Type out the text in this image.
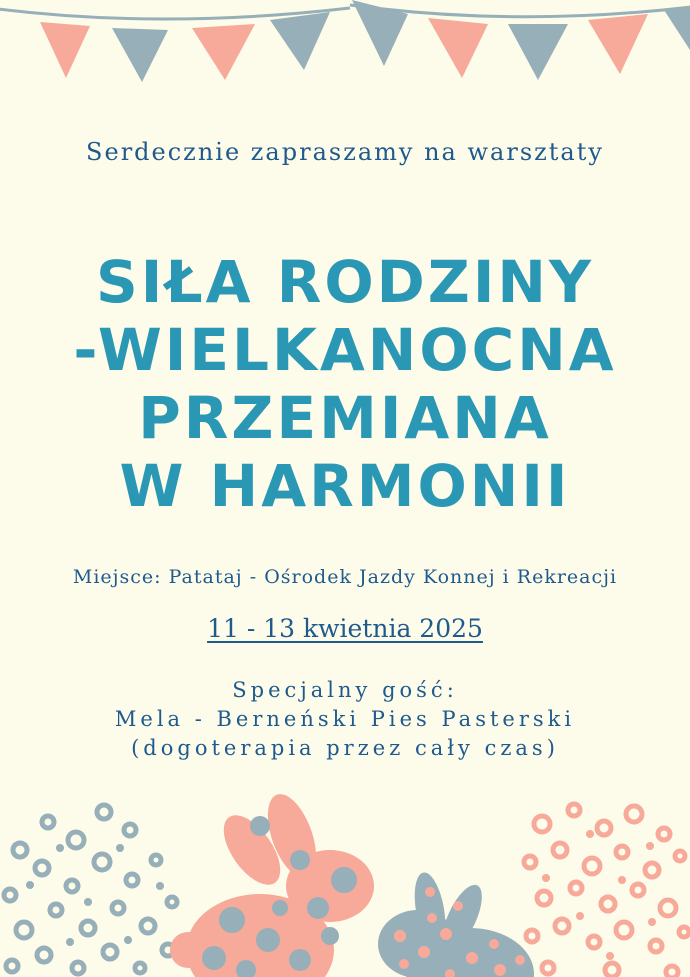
Serdecznie zapraszamy na warsztaty
SIŁA RODZINY
-WIELKANOCNA
PRZEMIANA
W HARMONII
Miejsce: Patataj - Ośrodek Jazdy Konnej i Rekreacji
11 - 13 kwietnia 2025
Specjalny gość:
Mela - Berneński Pies Pasterski
(dogoterapia przez cały czas)
